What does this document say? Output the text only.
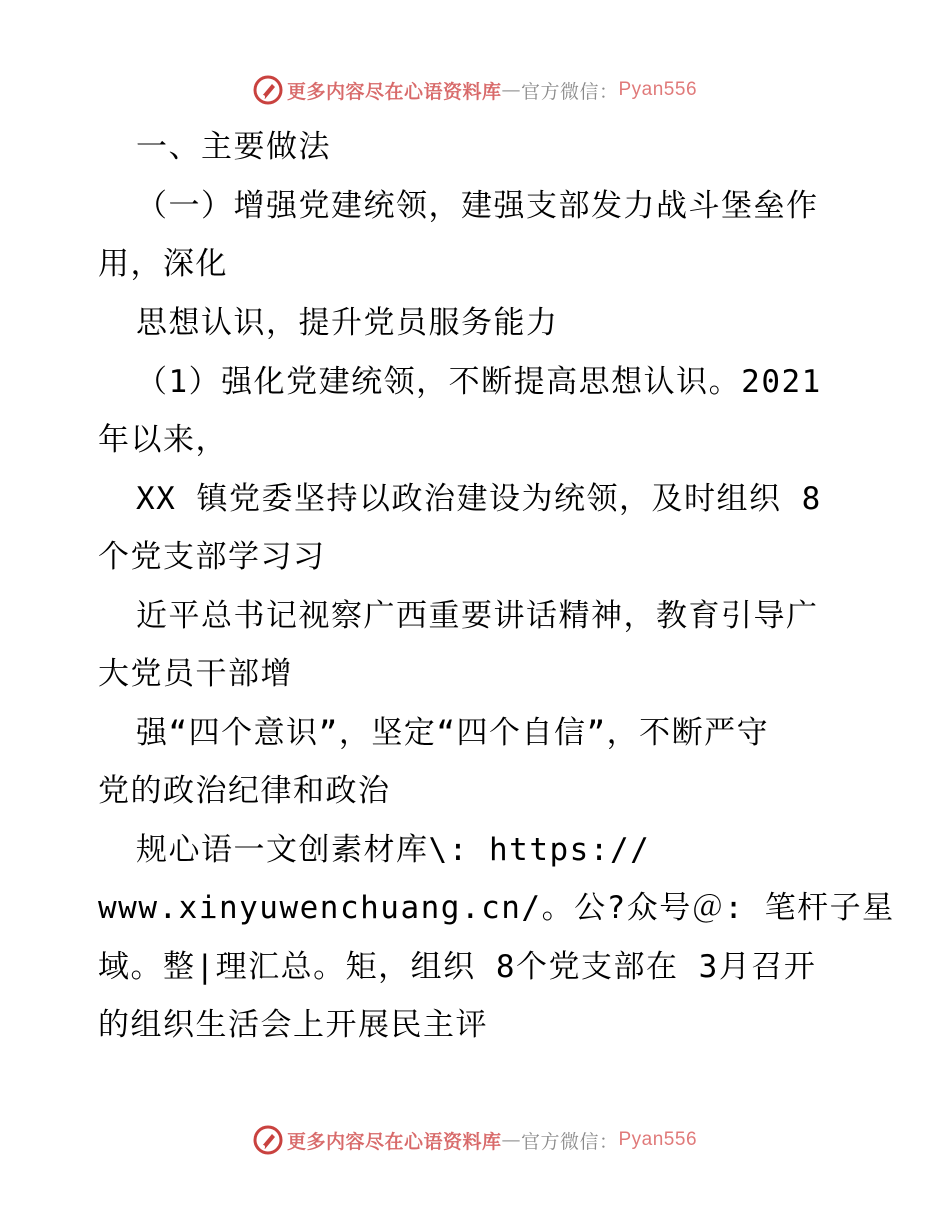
更多内容尽在心语资料库 — 官方微信： Pyan556
一、主要做法
（一）增强党建统领，建强支部发力战斗堡垒作
用，深化
思想认识，提升党员服务能力
（1）强化党建统领，不断提高思想认识。2021
年以来，
XX 镇党委坚持以政治建设为统领，及时组织 8
个党支部学习习
近平总书记视察广西重要讲话精神，教育引导广
大党员干部增
强“四个意识”，坚定“四个自信”，不断严守
党的政治纪律和政治
规心语一文创素材库\: https://
www.xinyuwenchuang.cn/。公?众号＠: 笔杆子星
域。整|理汇总。矩，组织 8个党支部在 3月召开
的组织生活会上开展民主评
更多内容尽在心语资料库 — 官方微信： Pyan556
